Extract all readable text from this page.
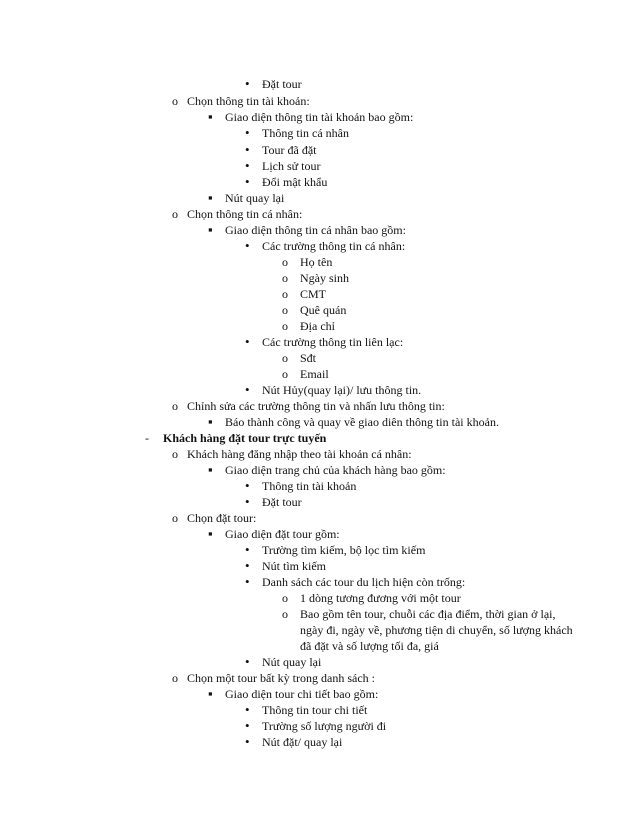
•
Đặt tour
o
Chọn thông tin tài khoản:
▪
Giao diện thông tin tài khoản bao gồm:
•
Thông tin cá nhân
•
Tour đã đặt
•
Lịch sử tour
•
Đổi mật khẩu
▪
Nút quay lại
o
Chọn thông tin cá nhân:
▪
Giao diện thông tin cá nhân bao gồm:
•
Các trường thông tin cá nhân:
o
Họ tên
o
Ngày sinh
o
CMT
o
Quê quán
o
Địa chỉ
•
Các trường thông tin liên lạc:
o
Sđt
o
Email
•
Nút Hủy(quay lại)/ lưu thông tin.
o
Chỉnh sửa các trường thông tin và nhấn lưu thông tin:
▪
Báo thành công và quay về giao diên thông tin tài khoản.
-
Khách hàng đặt tour trực tuyến
o
Khách hàng đăng nhập theo tài khoản cá nhân:
▪
Giao diện trang chủ của khách hàng bao gồm:
•
Thông tin tài khoản
•
Đặt tour
o
Chọn đặt tour:
▪
Giao diện đặt tour gồm:
•
Trường tìm kiếm, bộ lọc tìm kiếm
•
Nút tìm kiếm
•
Danh sách các tour du lịch hiện còn trống:
o
1 dòng tương đương với một tour
o
Bao gồm tên tour, chuỗi các địa điểm, thời gian ở lại, ngày đi, ngày về, phương tiện di chuyển, số lượng khách đã đặt và số lượng tối đa, giá
•
Nút quay lại
o
Chọn một tour bất kỳ trong danh sách :
▪
Giao diện tour chi tiết bao gồm:
•
Thông tin tour chi tiết
•
Trường số lượng người đi
•
Nút đặt/ quay lại
